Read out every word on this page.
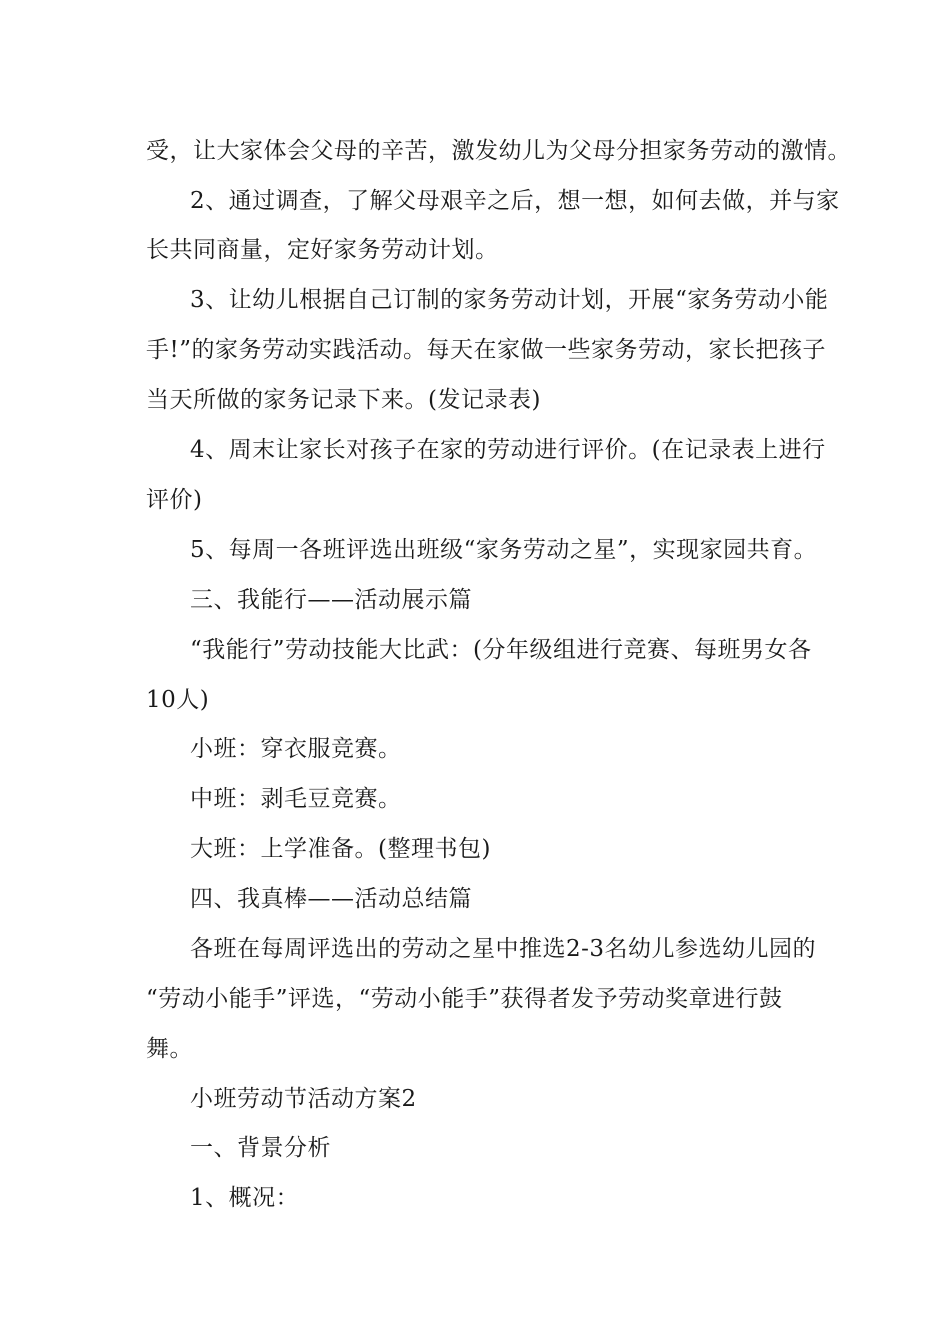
受，让大家体会父母的辛苦，激发幼儿为父母分担家务劳动的激情。
2、通过调查，了解父母艰辛之后，想一想，如何去做，并与家
长共同商量，定好家务劳动计划。
3、让幼儿根据自己订制的家务劳动计划，开展“家务劳动小能
手!”的家务劳动实践活动。每天在家做一些家务劳动，家长把孩子
当天所做的家务记录下来。(发记录表)
4、周末让家长对孩子在家的劳动进行评价。(在记录表上进行
评价)
5、每周一各班评选出班级“家务劳动之星”，实现家园共育。
三、我能行——活动展示篇
“我能行”劳动技能大比武：(分年级组进行竞赛、每班男女各
10人)
小班：穿衣服竞赛。
中班：剥毛豆竞赛。
大班：上学准备。(整理书包)
四、我真棒——活动总结篇
各班在每周评选出的劳动之星中推选2-3名幼儿参选幼儿园的
“劳动小能手”评选，“劳动小能手”获得者发予劳动奖章进行鼓
舞。
小班劳动节活动方案2
一、背景分析
1、概况：
